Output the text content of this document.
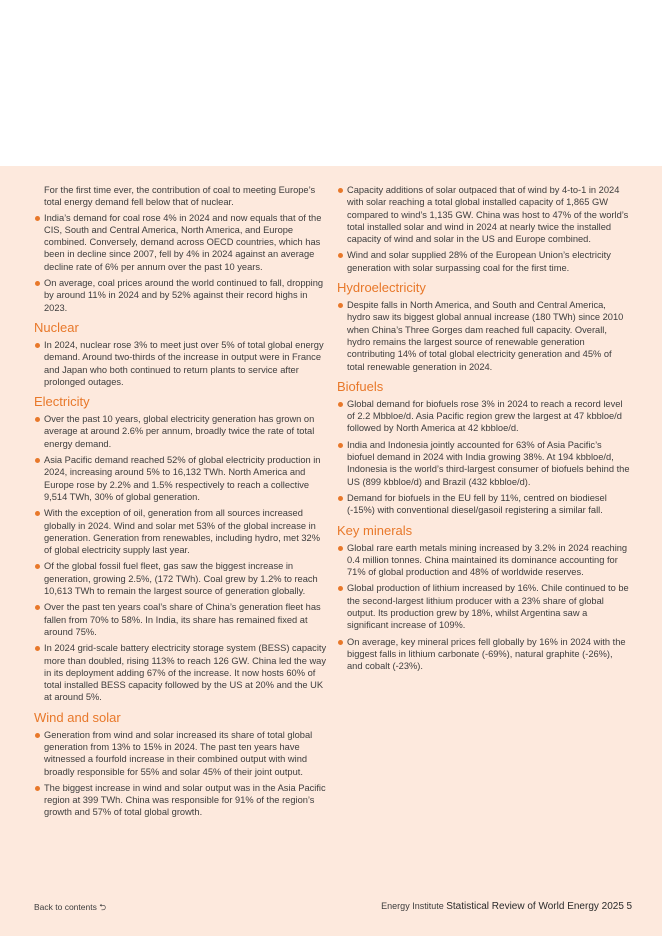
For the first time ever, the contribution of coal to meeting Europe’s total energy demand fell below that of nuclear.

India’s demand for coal rose 4% in 2024 and now equals that of the CIS, South and Central America, North America, and Europe combined. Conversely, demand across OECD countries, which has been in decline since 2007, fell by 4% in 2024 against an average decline rate of 6% per annum over the past 10 years.
On average, coal prices around the world continued to fall, dropping by around 11% in 2024 and by 52% against their record highs in 2023.
Nuclear
In 2024, nuclear rose 3% to meet just over 5% of total global energy demand. Around two-thirds of the increase in output were in France and Japan who both continued to return plants to service after prolonged outages.
Electricity
Over the past 10 years, global electricity generation has grown on average at around 2.6% per annum, broadly twice the rate of total energy demand.
Asia Pacific demand reached 52% of global electricity production in 2024, increasing around 5% to 16,132 TWh. North America and Europe rose by 2.2% and 1.5% respectively to reach a collective 9,514 TWh, 30% of global generation.
With the exception of oil, generation from all sources increased globally in 2024. Wind and solar met 53% of the global increase in generation. Generation from renewables, including hydro, met 32% of global electricity supply last year.
Of the global fossil fuel fleet, gas saw the biggest increase in generation, growing 2.5%, (172 TWh). Coal grew by 1.2% to reach 10,613 TWh to remain the largest source of generation globally.
Over the past ten years coal’s share of China’s generation fleet has fallen from 70% to 58%. In India, its share has remained fixed at around 75%.
In 2024 grid-scale battery electricity storage system (BESS) capacity more than doubled, rising 113% to reach 126 GW. China led the way in its deployment adding 67% of the increase. It now hosts 60% of total installed BESS capacity followed by the US at 20% and the UK at around 5%.
Wind and solar
Generation from wind and solar increased its share of total global generation from 13% to 15% in 2024. The past ten years have witnessed a fourfold increase in their combined output with wind broadly responsible for 55% and solar 45% of their joint output.
The biggest increase in wind and solar output was in the Asia Pacific region at 399 TWh. China was responsible for 91% of the region’s growth and 57% of total global growth.
Capacity additions of solar outpaced that of wind by 4-to-1 in 2024 with solar reaching a total global installed capacity of 1,865 GW compared to wind’s 1,135 GW. China was host to 47% of the world’s total installed solar and wind in 2024 at nearly twice the installed capacity of wind and solar in the US and Europe combined.
Wind and solar supplied 28% of the European Union’s electricity generation with solar surpassing coal for the first time.
Hydroelectricity
Despite falls in North America, and South and Central America, hydro saw its biggest global annual increase (180 TWh) since 2010 when China’s Three Gorges dam reached full capacity. Overall, hydro remains the largest source of renewable generation contributing 14% of total global electricity generation and 45% of total renewable generation in 2024.
Biofuels
Global demand for biofuels rose 3% in 2024 to reach a record level of 2.2 Mbbloe/d. Asia Pacific region grew the largest at 47 kbbloe/d followed by North America at 42 kbbloe/d.
India and Indonesia jointly accounted for 63% of Asia Pacific’s biofuel demand in 2024 with India growing 38%. At 194 kbbloe/d, Indonesia is the world’s third-largest consumer of biofuels behind the US (899 kbbloe/d) and Brazil (432 kbbloe/d).
Demand for biofuels in the EU fell by 11%, centred on biodiesel (-15%) with conventional diesel/gasoil registering a similar fall.
Key minerals
Global rare earth metals mining increased by 3.2% in 2024 reaching 0.4 million tonnes. China maintained its dominance accounting for 71% of global production and 48% of worldwide reserves.
Global production of lithium increased by 16%. Chile continued to be the second-largest lithium producer with a 23% share of global output. Its production grew by 18%, whilst Argentina saw a significant increase of 109%.
On average, key mineral prices fell globally by 16% in 2024 with the biggest falls in lithium carbonate (-69%), natural graphite (-26%), and cobalt (-23%).
Back to contents ⮌	Energy Institute Statistical Review of World Energy 2025 5
